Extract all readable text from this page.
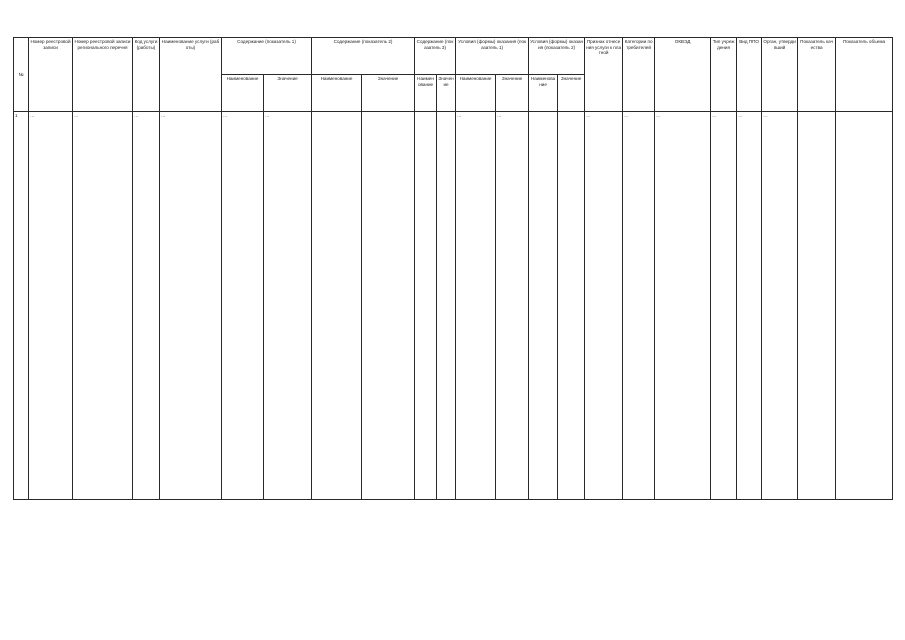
№	Номер реестровой записи	Номер реестровой записи регионального перечня	Код услуги (работы)	Наименование услуги (работы)	Содержание (показатель 1)		Содержание (показатель 2)		Содержание (показатель 3)		Условия (формы) оказания (показатель 1)		Условия (формы) оказания (показатель 2)		Признак отнесения услуги к платной	Категории потребителей	ОКВЭД	Тип учреждения	Вид ППО	Орган, утвердивший	Показатель качества	Показатель объема
					Наименование	Значение	Наименование	Значение	Наименование	Значение	Наименование	Значение	Наименование	Значение								
1	…	…	…	…	…	…					…	…			…	…	…	…	…	…		
